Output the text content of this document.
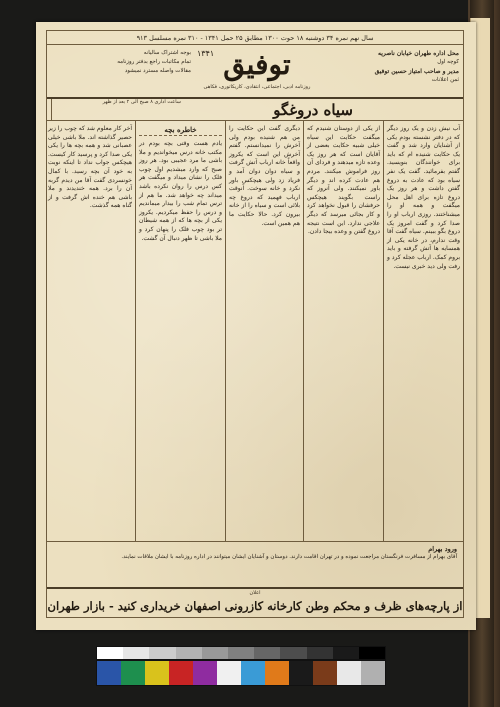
سال نهم نمره ۳۴ دوشنبه ۱۸ حوت ۱۳۰۰ مطابق ۲۵ حمل ۱۳۴۱ - ۳۱۰ نمره مسلسل ۹۱۳
محل اداره طهران خیابان ناصریه
کوچه اول
مدیر و صاحب امتیاز حسین توفیق
ثمن اعلانات
توفیق
روزنامه ادبی، اجتماعی، انتقادی، کاریکاتوری، فکاهی
۱۳۴۱
بوجه اشتراک سالیانه
تمام مکاتبات راجع بدفتر روزنامه
مقالات واصله مسترد نمیشود
سیاه دروغگو
ساعت اداری ۸ صبح الی ۲ بعد از ظهر
آب نیش زدن و یک روز دیگر که در دفتر نشسته بودم یکی از آشنایان وارد شد و گفت یک حکایت شنیده ام که باید برای خوانندگان بنویسید. گفتم بفرمائید. گفت یک نفر سیاه بود که عادت به دروغ گفتن داشت و هر روز یک دروغ تازه برای اهل محل میگفت و همه او را میشناختند. روزی ارباب او را صدا کرد و گفت امروز یک دروغ بگو ببینم. سیاه گفت آقا وقت ندارم، در خانه یکی از همسایه ها آتش گرفته و باید بروم کمک. ارباب عجله کرد و رفت ولی دید خبری نیست.
از یکی از دوستان شنیدم که میگفت حکایت این سیاه خیلی شبیه حکایت بعضی از آقایان است که هر روز یک وعده تازه میدهند و فردای آن روز فراموش میکنند. مردم هم عادت کرده اند و دیگر باور نمیکنند. ولی آنروز که راست بگویند هیچکس حرفشان را قبول نخواهد کرد و کار بجائی میرسد که دیگر علاجی ندارد. این است نتیجه دروغ گفتن و وعده بیجا دادن.
دیگری گفت این حکایت را من هم شنیده بودم ولی آخرش را نمیدانستم. گفتم آخرش این است که یکروز واقعاً خانه ارباب آتش گرفت و سیاه دوان دوان آمد و فریاد زد ولی هیچکس باور نکرد و خانه سوخت. آنوقت ارباب فهمید که دروغ چه بلائی است و سیاه را از خانه بیرون کرد. حالا حکایت ما هم همین است.
خاطره بچه
یادم هست وقتی بچه بودم در مکتب خانه درس میخواندیم و ملا باشی ما مرد عجیبی بود. هر روز صبح که وارد میشدیم اول چوب فلک را نشان میداد و میگفت هر کس درس را روان نکرده باشد میداند چه خواهد شد. ما هم از ترس تمام شب را بیدار میماندیم و درس را حفظ میکردیم. یکروز یکی از بچه ها که از همه شیطان تر بود چوب فلک را پنهان کرد و ملا باشی تا ظهر دنبال آن گشت.
آخر کار معلوم شد که چوب را زیر حصیر گذاشته اند. ملا باشی خیلی عصبانی شد و همه بچه ها را یکی یکی صدا کرد و پرسید کار کیست. هیچکس جواب نداد تا اینکه نوبت به خود آن بچه رسید. با کمال خونسردی گفت آقا من دیدم گربه آن را برد. همه خندیدند و ملا باشی هم خنده اش گرفت و از گناه همه گذشت.
ورود بهرام
آقای بهرام از مسافرت فرنگستان مراجعت نموده و در تهران اقامت دارند. دوستان و آشنایان ایشان میتوانند در اداره روزنامه با ایشان ملاقات نمایند.
اعلان
از پارچه‌های ظرف و محکم وطن کارخانه کازرونی اصفهان خریداری کنید - بازار طهران
